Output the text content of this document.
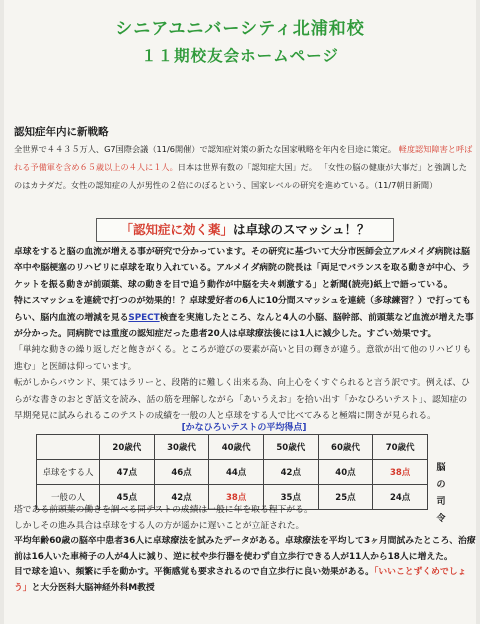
シニアユニバーシティ北浦和校
１１期校友会ホームページ
認知症年内に新戦略
全世界で４４３５万人、G7国際会議（11/6開催）で認知症対策の新たな国家戦略を年内を目途に策定。 軽度認知障害と呼ばれる予備軍を含め６５歳以上の４人に１人。日本は世界有数の「認知症大国」だ。 「女性の脳の健康が大事だ」と強調したのはカナダだ。女性の認知症の人が男性の２倍にのぼるという、国家レベルの研究を進めている。（11/7朝日新聞）
「認知症に効く薬」は卓球のスマッシュ！？

卓球をすると脳の血流が増える事が研究で分かっています。その研究に基づいて大分市医師会立アルメイダ病院は脳卒中や脳梗塞のリハビリに卓球を取り入れている。アルメイダ病院の院長は「両足でバランスを取る動きが中心、ラケットを振る動きが前頭葉、球の動きを目で追う動作が中脳を夫々刺激する」と新聞(読売)紙上で語っている。

特にスマッシュを連続で打つのが効果的！？卓球愛好者の6人に10分間スマッシュを連続（多球練習？）で打ってもらい、脳内血流の増減を見るSPECT検査を実施したところ、なんと4人の小脳、脳幹部、前頭葉など血流が増えた事が分かった。同病院では重度の認知症だった患者20人は卓球療法後には1人に減少した。すごい効果です。

「単純な動きの繰り返しだと飽きがくる。ところが遊びの要素が高いと目の輝きが違う。意欲が出て他のリハビリも進む」と医師は仰っています。

転がしからバウンド、果てはラリーと、段階的に難しく出来る為、向上心をくすぐられると言う訳です。例えば、ひらがな書きのおとぎ話文を読み、話の筋を理解しながら「あいうえお」を拾い出す「かなひろいテスト」、認知症の早期発見に試みられるこのテストの成績を一般の人と卓球をする人で比べてみると極端に開きが見られる。

[かなひろいテストの平均得点]
	20歳代	30歳代	40歳代	50歳代	60歳代	70歳代
卓球をする人	47点	46点	44点	42点	40点	38点
一般の人	45点	42点	38点	35点	25点	24点
脳
の
司
令

塔である前頭葉の働きを調べる同テストの成績は一般に年を取る程下がる。

しかしその進み具合は卓球をする人の方が遥かに遅いことが立証された。

平均年齢60歳の脳卒中患者36人に卓球療法を試みたデータがある。卓球療法を平均して3ヶ月間試みたところ、治療前は16人いた車椅子の人が4人に減り、逆に杖や歩行器を使わず自立歩行できる人が11人から18人に増えた。

目で球を追い、頻繁に手を動かす。平衡感覚も要求されるので自立歩行に良い効果がある。「いいことずくめでしょう」と大分医科大脳神経外科M教授
